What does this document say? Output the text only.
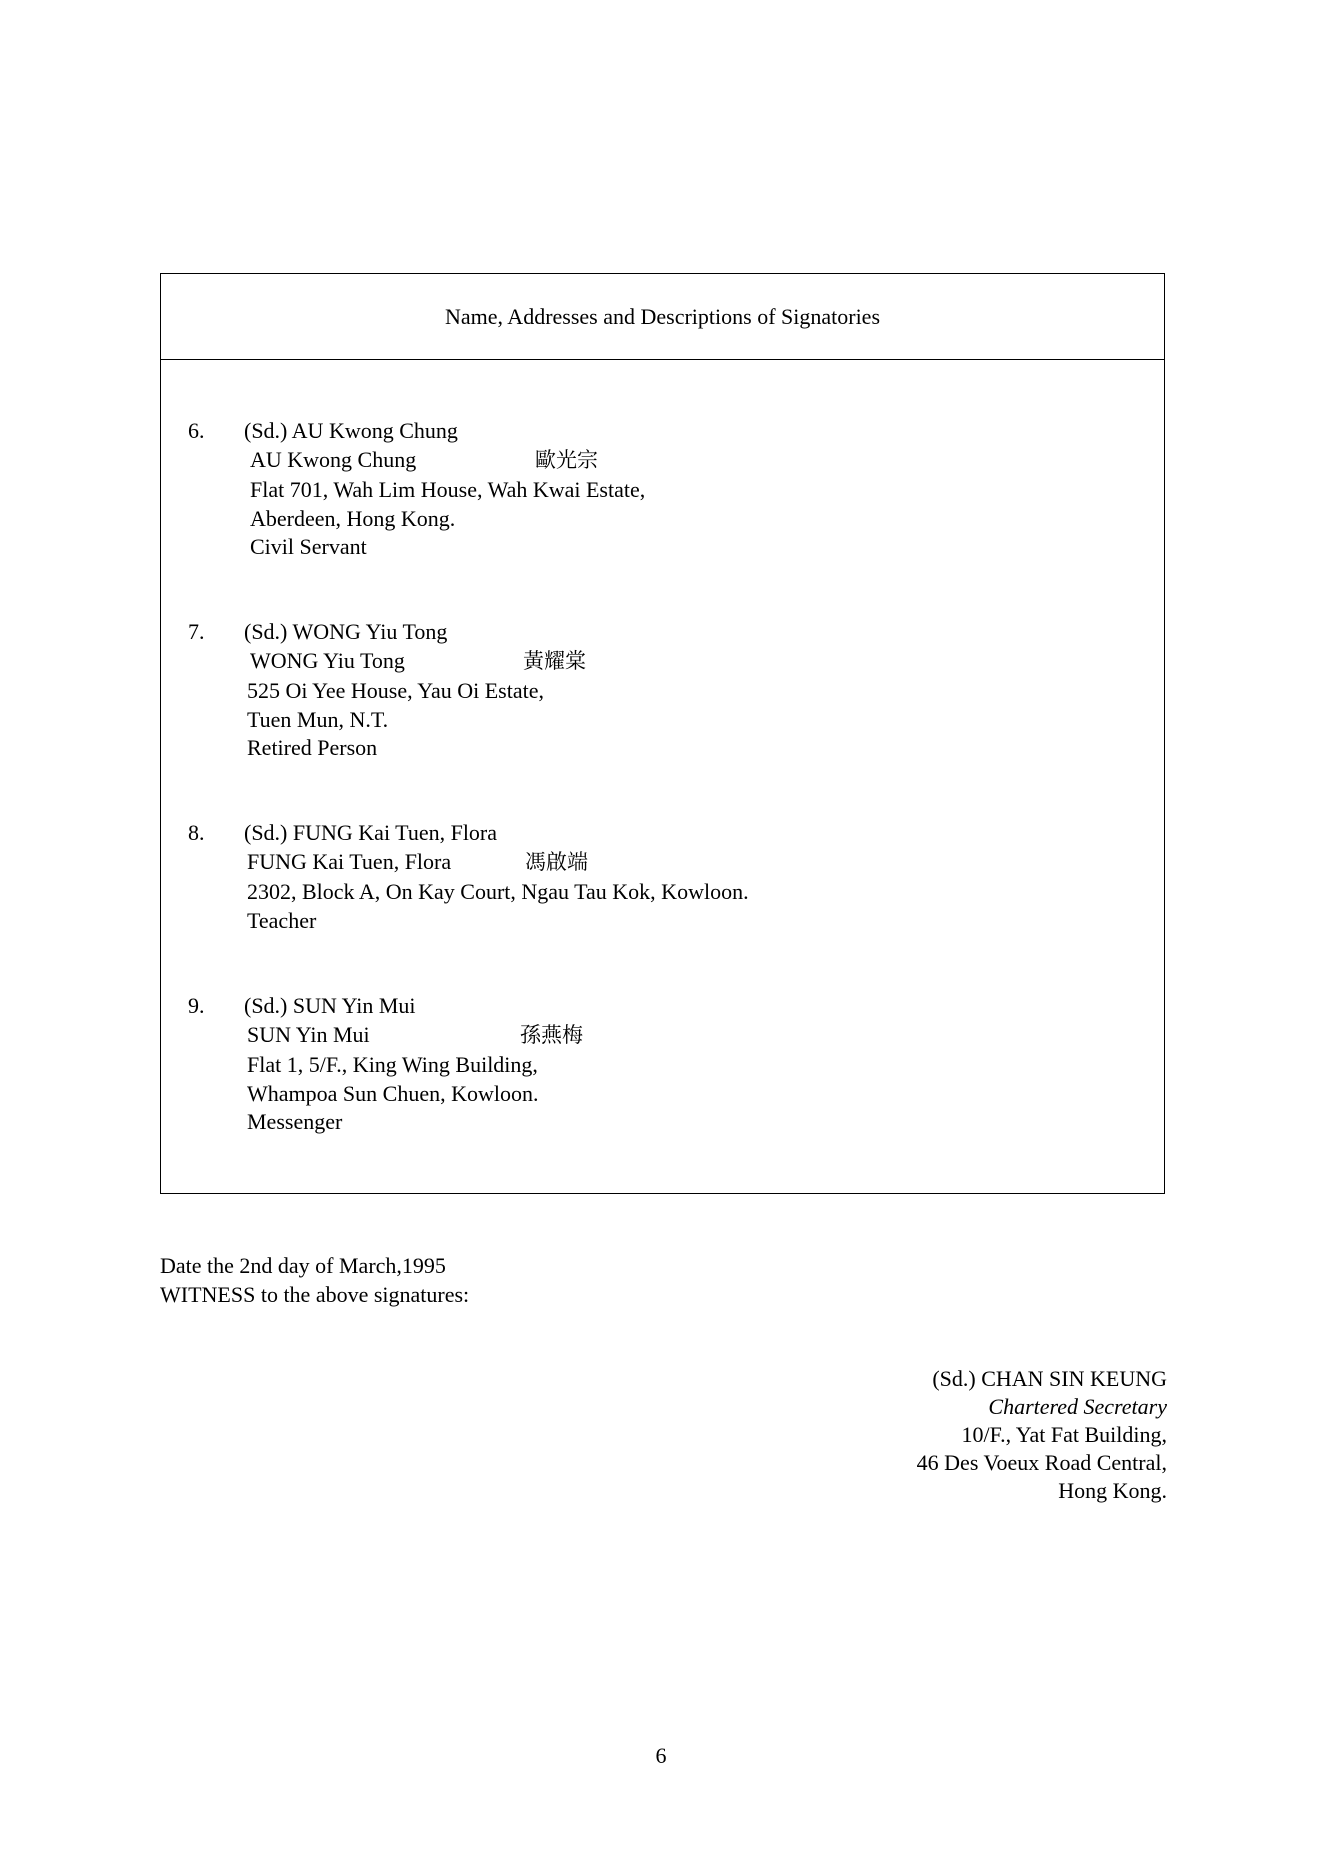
Name, Addresses and Descriptions of Signatories
6. (Sd.) AU Kwong Chung
AU Kwong Chung	歐光宗
Flat 701, Wah Lim House, Wah Kwai Estate,
Aberdeen, Hong Kong.
Civil Servant
7. (Sd.) WONG Yiu Tong
WONG Yiu Tong	黃耀棠
525 Oi Yee House, Yau Oi Estate,
Tuen Mun, N.T.
Retired Person
8. (Sd.) FUNG Kai Tuen, Flora
FUNG Kai Tuen, Flora	馮啟端
2302, Block A, On Kay Court, Ngau Tau Kok, Kowloon.
Teacher
9. (Sd.) SUN Yin Mui
SUN Yin Mui	孫燕梅
Flat 1, 5/F., King Wing Building,
Whampoa Sun Chuen, Kowloon.
Messenger
Date the 2nd day of March,1995
WITNESS to the above signatures:
(Sd.) CHAN SIN KEUNG
Chartered Secretary
10/F., Yat Fat Building,
46 Des Voeux Road Central,
Hong Kong.
6
